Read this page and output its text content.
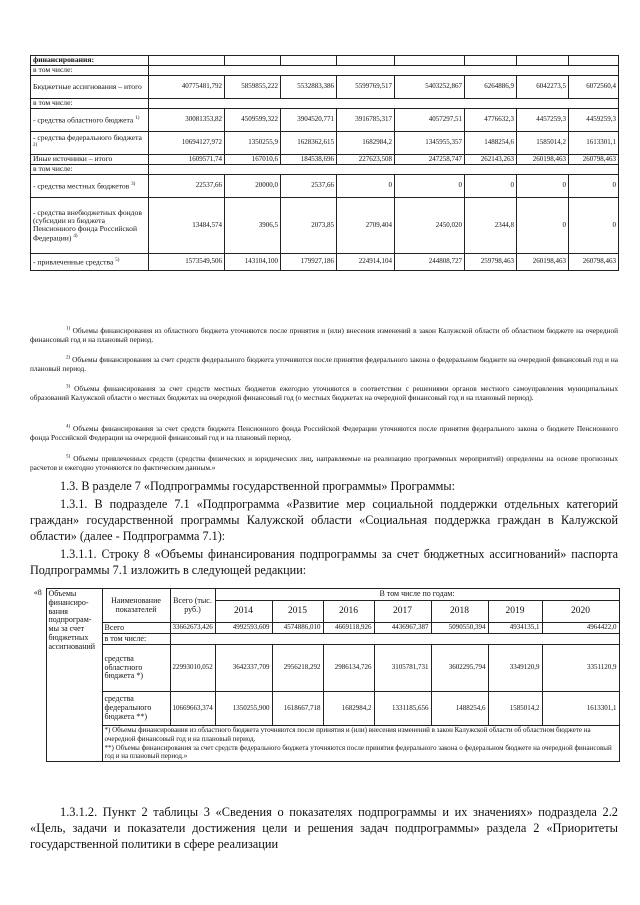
финансирования:								
в том числе:								
Бюджетные ассигнования – итого	40775481,792	5859855,222	5532883,386	5599769,517	5403252,867	6264886,9	6042273,5	6072560,4
в том числе:								
- средства областного бюджета $^{1)}$	30081353,82	4509599,322	3904520,771	3916785,317	4057297,51	4776632,3	4457259,3	4459259,3
- средства федерального бюджета $^{2)}$	10694127,972	1350255,9	1628362,615	1682984,2	1345955,357	1488254,6	1585014,2	1613301,1
Иные источники – итого	1609571,74	167010,6	184538,696	227623,508	247258,747	262143,263	260198,463	260798,463
в том числе:								
- средства местных бюджетов $^{3)}$	22537,66	20000,0	2537,66	0	0	0	0	0
- средства внебюджетных фондов (субсидии из бюджета Пенсионного фонда Российской Федерации) $^{4)}$	13484,574	3906,5	2073,85	2709,404	2450,020	2344,8	0	0
- привлеченные средства $^{5)}$	1573549,506	143104,100	179927,186	224914,104	244808,727	259798,463	260198,463	260798,463
$^{1)}$ Объемы финансирования из областного бюджета уточняются после принятия и (или) внесения изменений в закон Калужской области об областном бюджете на очередной финансовый год и на плановый период.
$^{2)}$ Объемы финансирования за счет средств федерального бюджета уточняются после принятия федерального закона о федеральном бюджете на очередной финансовый год и на плановый период.
$^{3)}$ Объемы финансирования за счет средств местных бюджетов ежегодно уточняются в соответствии с решениями органов местного самоуправления муниципальных образований Калужской области о местных бюджетах на очередной финансовый год (о местных бюджетах на очередной финансовый год и на плановый период).
$^{4)}$ Объемы финансирования за счет средств бюджета Пенсионного фонда Российской Федерации уточняются после принятия федерального закона о бюджете Пенсионного фонда Российской Федерации на очередной финансовый год и на плановый период.
$^{5)}$ Объемы привлеченных средств (средства физических и юридических лиц, направляемые на реализацию программных мероприятий) определены на основе прогнозных расчетов и ежегодно уточняются по фактическим данным.»
1.3. В разделе 7 «Подпрограммы государственной программы» Программы:
1.3.1. В подразделе 7.1 «Подпрограмма «Развитие мер социальной поддержки отдельных категорий граждан» государственной программы Калужской области «Социальная поддержка граждан в Калужской области» (далее - Подпрограмма 7.1):
1.3.1.1. Строку 8 «Объемы финансирования подпрограммы за счет бюджетных ассигнований» паспорта Подпрограммы 7.1 изложить в следующей редакции:
«8	Объемы финансиро-вания подпрограм-мы за счет бюджетных ассигнований	Наименование показателей	Всего (тыс. руб.)	В том числе по годам:						
				2014	2015	2016	2017	2018	2019	2020
		Всего	33662673,426	4992593,609	4574886,010	4669118,926	4436967,387	5090550,394	4934135,1	4964422,0
		в том числе:								
		средства областного бюджета *)	22993010,052	3642337,709	2956218,292	2986134,726	3105781,731	3602295,794	3349120,9	3351120,9
		средства федерального бюджета **)	10669663,374	1350255,900	1618667,718	1682984,2	1331185,656	1488254,6	1585014,2	1613301,1

		*) Объемы финансирования из областного бюджета уточняются после принятия и (или) внесения изменений в закон Калужской области об областном бюджете на очередной финансовый год и на плановый период.
**) Объемы финансирования за счет средств федерального бюджета уточняются после принятия федерального закона о федеральном бюджете на очередной финансовый год и на плановый период.»								
1.3.1.2. Пункт 2 таблицы 3 «Сведения о показателях подпрограммы и их значениях» подраздела 2.2 «Цель, задачи и показатели достижения цели и решения задач подпрограммы» раздела 2 «Приоритеты государственной политики в сфере реализации
